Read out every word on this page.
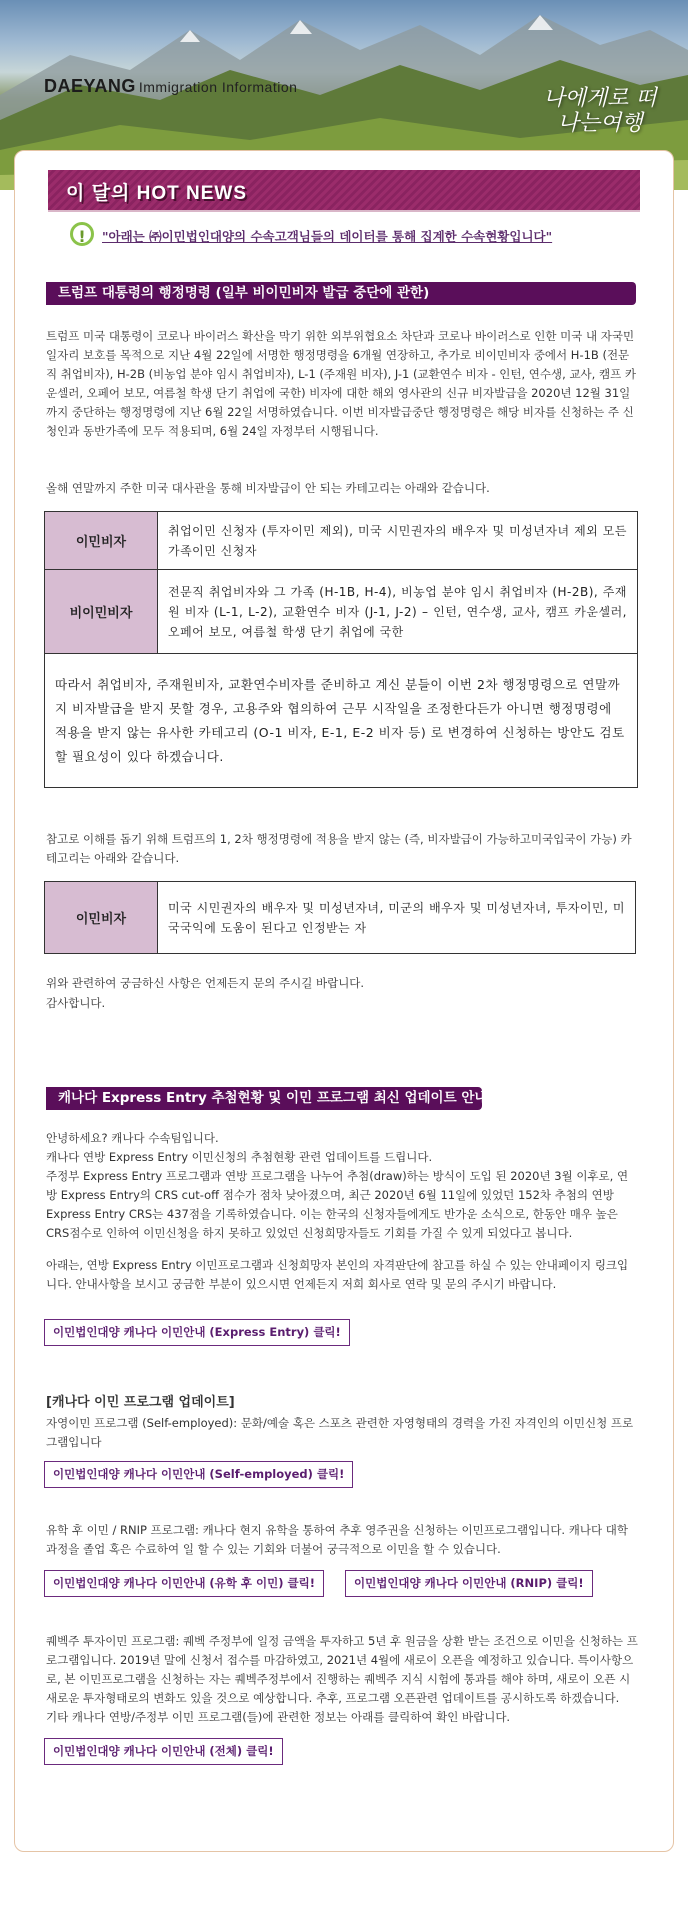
DAEYANG Immigration Information	나에게로 떠나는여행
이 달의 HOT NEWS
!	"아래는 ㈜이민법인대양의 수속고객님들의 데이터를 통해 집계한 수속현황입니다"
트럼프 대통령의 행정명령 (일부 비이민비자 발급 중단에 관한)

트럼프 미국 대통령이 코로나 바이러스 확산을 막기 위한 외부위협요소 차단과 코로나 바이러스로 인한 미국 내 자국민 일자리 보호를 목적으로 지난 4월 22일에 서명한 행정명령을 6개월 연장하고, 추가로 비이민비자 중에서 H-1B (전문직 취업비자), H-2B (비농업 분야 임시 취업비자), L-1 (주재원 비자), J-1 (교환연수 비자 - 인턴, 연수생, 교사, 캠프 카운셀러, 오페어 보모, 여름철 학생 단기 취업에 국한) 비자에 대한 해외 영사관의 신규 비자발급을 2020년 12월 31일까지 중단하는 행정명령에 지난 6월 22일 서명하였습니다. 이번 비자발급중단 행정명령은 해당 비자를 신청하는 주 신청인과 동반가족에 모두 적용되며, 6월 24일 자정부터 시행됩니다.

올해 연말까지 주한 미국 대사관을 통해 비자발급이 안 되는 카테고리는 아래와 같습니다.

이민비자	취업이민 신청자 (투자이민 제외), 미국 시민권자의 배우자 및 미성년자녀 제외 모든 가족이민 신청자
비이민비자	전문직 취업비자와 그 가족 (H-1B, H-4), 비농업 분야 임시 취업비자 (H-2B), 주재원 비자 (L-1, L-2), 교환연수 비자 (J-1, J-2) – 인턴, 연수생, 교사, 캠프 카운셀러, 오페어 보모, 여름철 학생 단기 취업에 국한
따라서 취업비자, 주재원비자, 교환연수비자를 준비하고 계신 분들이 이번 2차 행정명령으로 연말까지 비자발급을 받지 못할 경우, 고용주와 협의하여 근무 시작일을 조정한다든가 아니면 행정명령에 적용을 받지 않는 유사한 카테고리 (O-1 비자, E-1, E-2 비자 등) 로 변경하여 신청하는 방안도 검토할 필요성이 있다 하겠습니다.	

참고로 이해를 돕기 위해 트럼프의 1, 2차 행정명령에 적용을 받지 않는 (즉, 비자발급이 가능하고미국입국이 가능) 카테고리는 아래와 같습니다.

이민비자	미국 시민권자의 배우자 및 미성년자녀, 미군의 배우자 및 미성년자녀, 투자이민, 미국국익에 도움이 된다고 인정받는 자

위와 관련하여 궁금하신 사항은 언제든지 문의 주시길 바랍니다.

감사합니다.

캐나다 Express Entry 추첨현황 및 이민 프로그램 최신 업데이트 안내

안녕하세요? 캐나다 수속팀입니다.

캐나다 연방 Express Entry 이민신청의 추첨현황 관련 업데이트를 드립니다.

주정부 Express Entry 프로그램과 연방 프로그램을 나누어 추첨(draw)하는 방식이 도입 된 2020년 3월 이후로, 연방 Express Entry의 CRS cut-off 점수가 점차 낮아졌으며, 최근 2020년 6월 11일에 있었던 152차 추첨의 연방 Express Entry CRS는 437점을 기록하였습니다. 이는 한국의 신청자들에게도 반가운 소식으로, 한동안 매우 높은 CRS점수로 인하여 이민신청을 하지 못하고 있었던 신청희망자들도 기회를 가질 수 있게 되었다고 봅니다.

아래는, 연방 Express Entry 이민프로그램과 신청희망자 본인의 자격판단에 참고를 하실 수 있는 안내페이지 링크입니다. 안내사항을 보시고 궁금한 부분이 있으시면 언제든지 저희 회사로 연락 및 문의 주시기 바랍니다.

이민법인대양 캐나다 이민안내 (Express Entry) 클릭!
[캐나다 이민 프로그램 업데이트]

자영이민 프로그램 (Self-employed): 문화/예술 혹은 스포츠 관련한 자영형태의 경력을 가진 자격인의 이민신청 프로그램입니다

이민법인대양 캐나다 이민안내 (Self-employed) 클릭!

유학 후 이민 / RNIP 프로그램: 캐나다 현지 유학을 통하여 추후 영주권을 신청하는 이민프로그램입니다. 캐나다 대학과정을 졸업 혹은 수료하여 일 할 수 있는 기회와 더불어 궁극적으로 이민을 할 수 있습니다.

이민법인대양 캐나다 이민안내 (유학 후 이민) 클릭!	이민법인대양 캐나다 이민안내 (RNIP) 클릭!

퀘벡주 투자이민 프로그램: 퀘벡 주정부에 일정 금액을 투자하고 5년 후 원금을 상환 받는 조건으로 이민을 신청하는 프로그램입니다. 2019년 말에 신청서 접수를 마감하였고, 2021년 4월에 새로이 오픈을 예정하고 있습니다. 특이사항으로, 본 이민프로그램을 신청하는 자는 퀘벡주정부에서 진행하는 퀘벡주 지식 시험에 통과를 해야 하며, 새로이 오픈 시 새로운 투자형태로의 변화도 있을 것으로 예상합니다. 추후, 프로그램 오픈관련 업데이트를 공시하도록 하겠습니다.

기타 캐나다 연방/주정부 이민 프로그램(들)에 관련한 정보는 아래를 클릭하여 확인 바랍니다.

이민법인대양 캐나다 이민안내 (전체) 클릭!
